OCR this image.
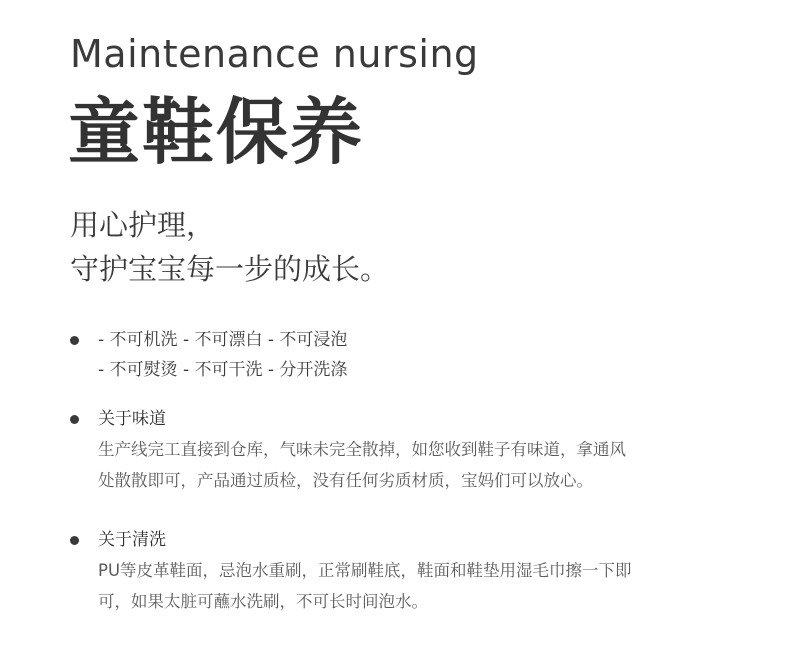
Maintenance nursing
童鞋保养
用心护理，
守护宝宝每一步的成长。
- 不可机洗 - 不可漂白 - 不可浸泡
- 不可熨烫 - 不可干洗 - 分开洗涤
关于味道
生产线完工直接到仓库，气味未完全散掉，如您收到鞋子有味道，拿通风
处散散即可，产品通过质检，没有任何劣质材质，宝妈们可以放心。
关于清洗
PU等皮革鞋面，忌泡水重刷，正常刷鞋底，鞋面和鞋垫用湿毛巾擦一下即
可，如果太脏可蘸水洗刷，不可长时间泡水。
